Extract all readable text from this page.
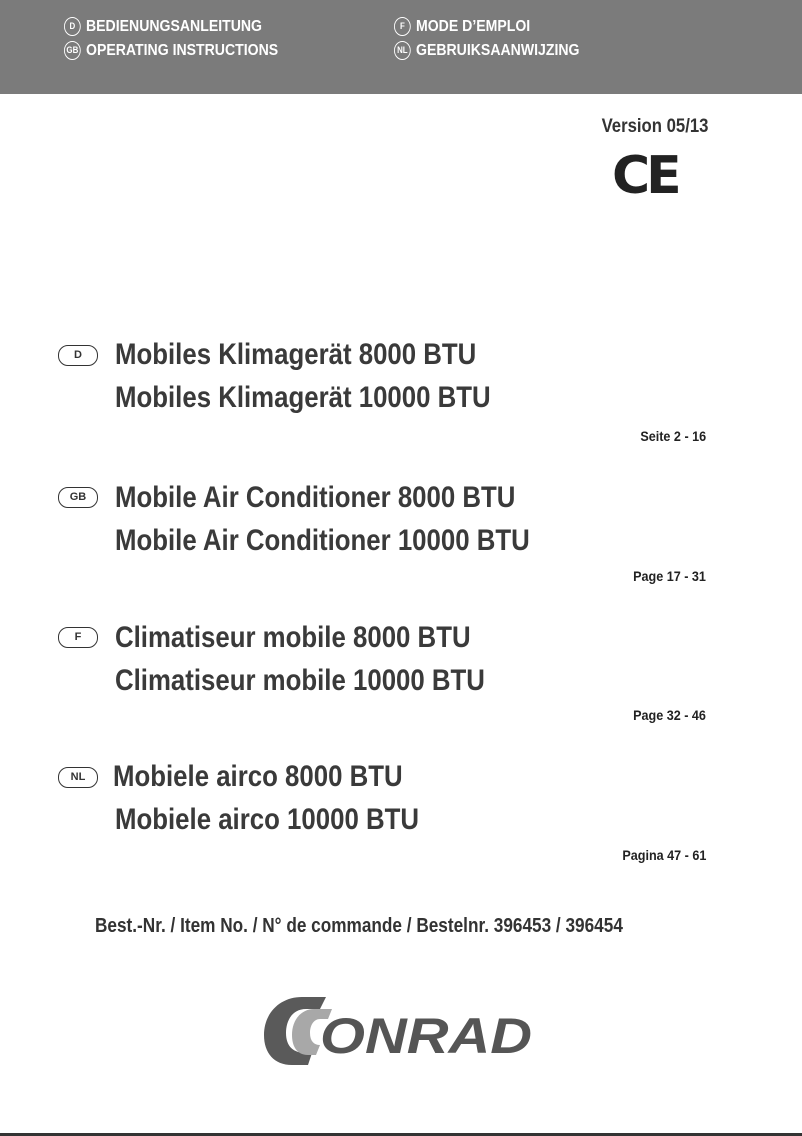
D BEDIENUNGSANLEITUNG
GB OPERATING INSTRUCTIONS
F MODE D’EMPLOI
NL GEBRUIKSAANWIJZING
Version 05/13
CE
D	Mobiles Klimagerät 8000 BTU
Mobiles Klimagerät 10000 BTU
Seite 2 - 16
GB Mobile Air Conditioner 8000 BTU
Mobile Air Conditioner 10000 BTU
Page 17 - 31
F	Climatiseur mobile 8000 BTU
Climatiseur mobile 10000 BTU
Page 32 - 46
NL Mobiele airco 8000 BTU
Mobiele airco 10000 BTU
Pagina 47 - 61
Best.-Nr. / Item No. / N° de commande / Bestelnr. 396453 / 396454
ONRAD
